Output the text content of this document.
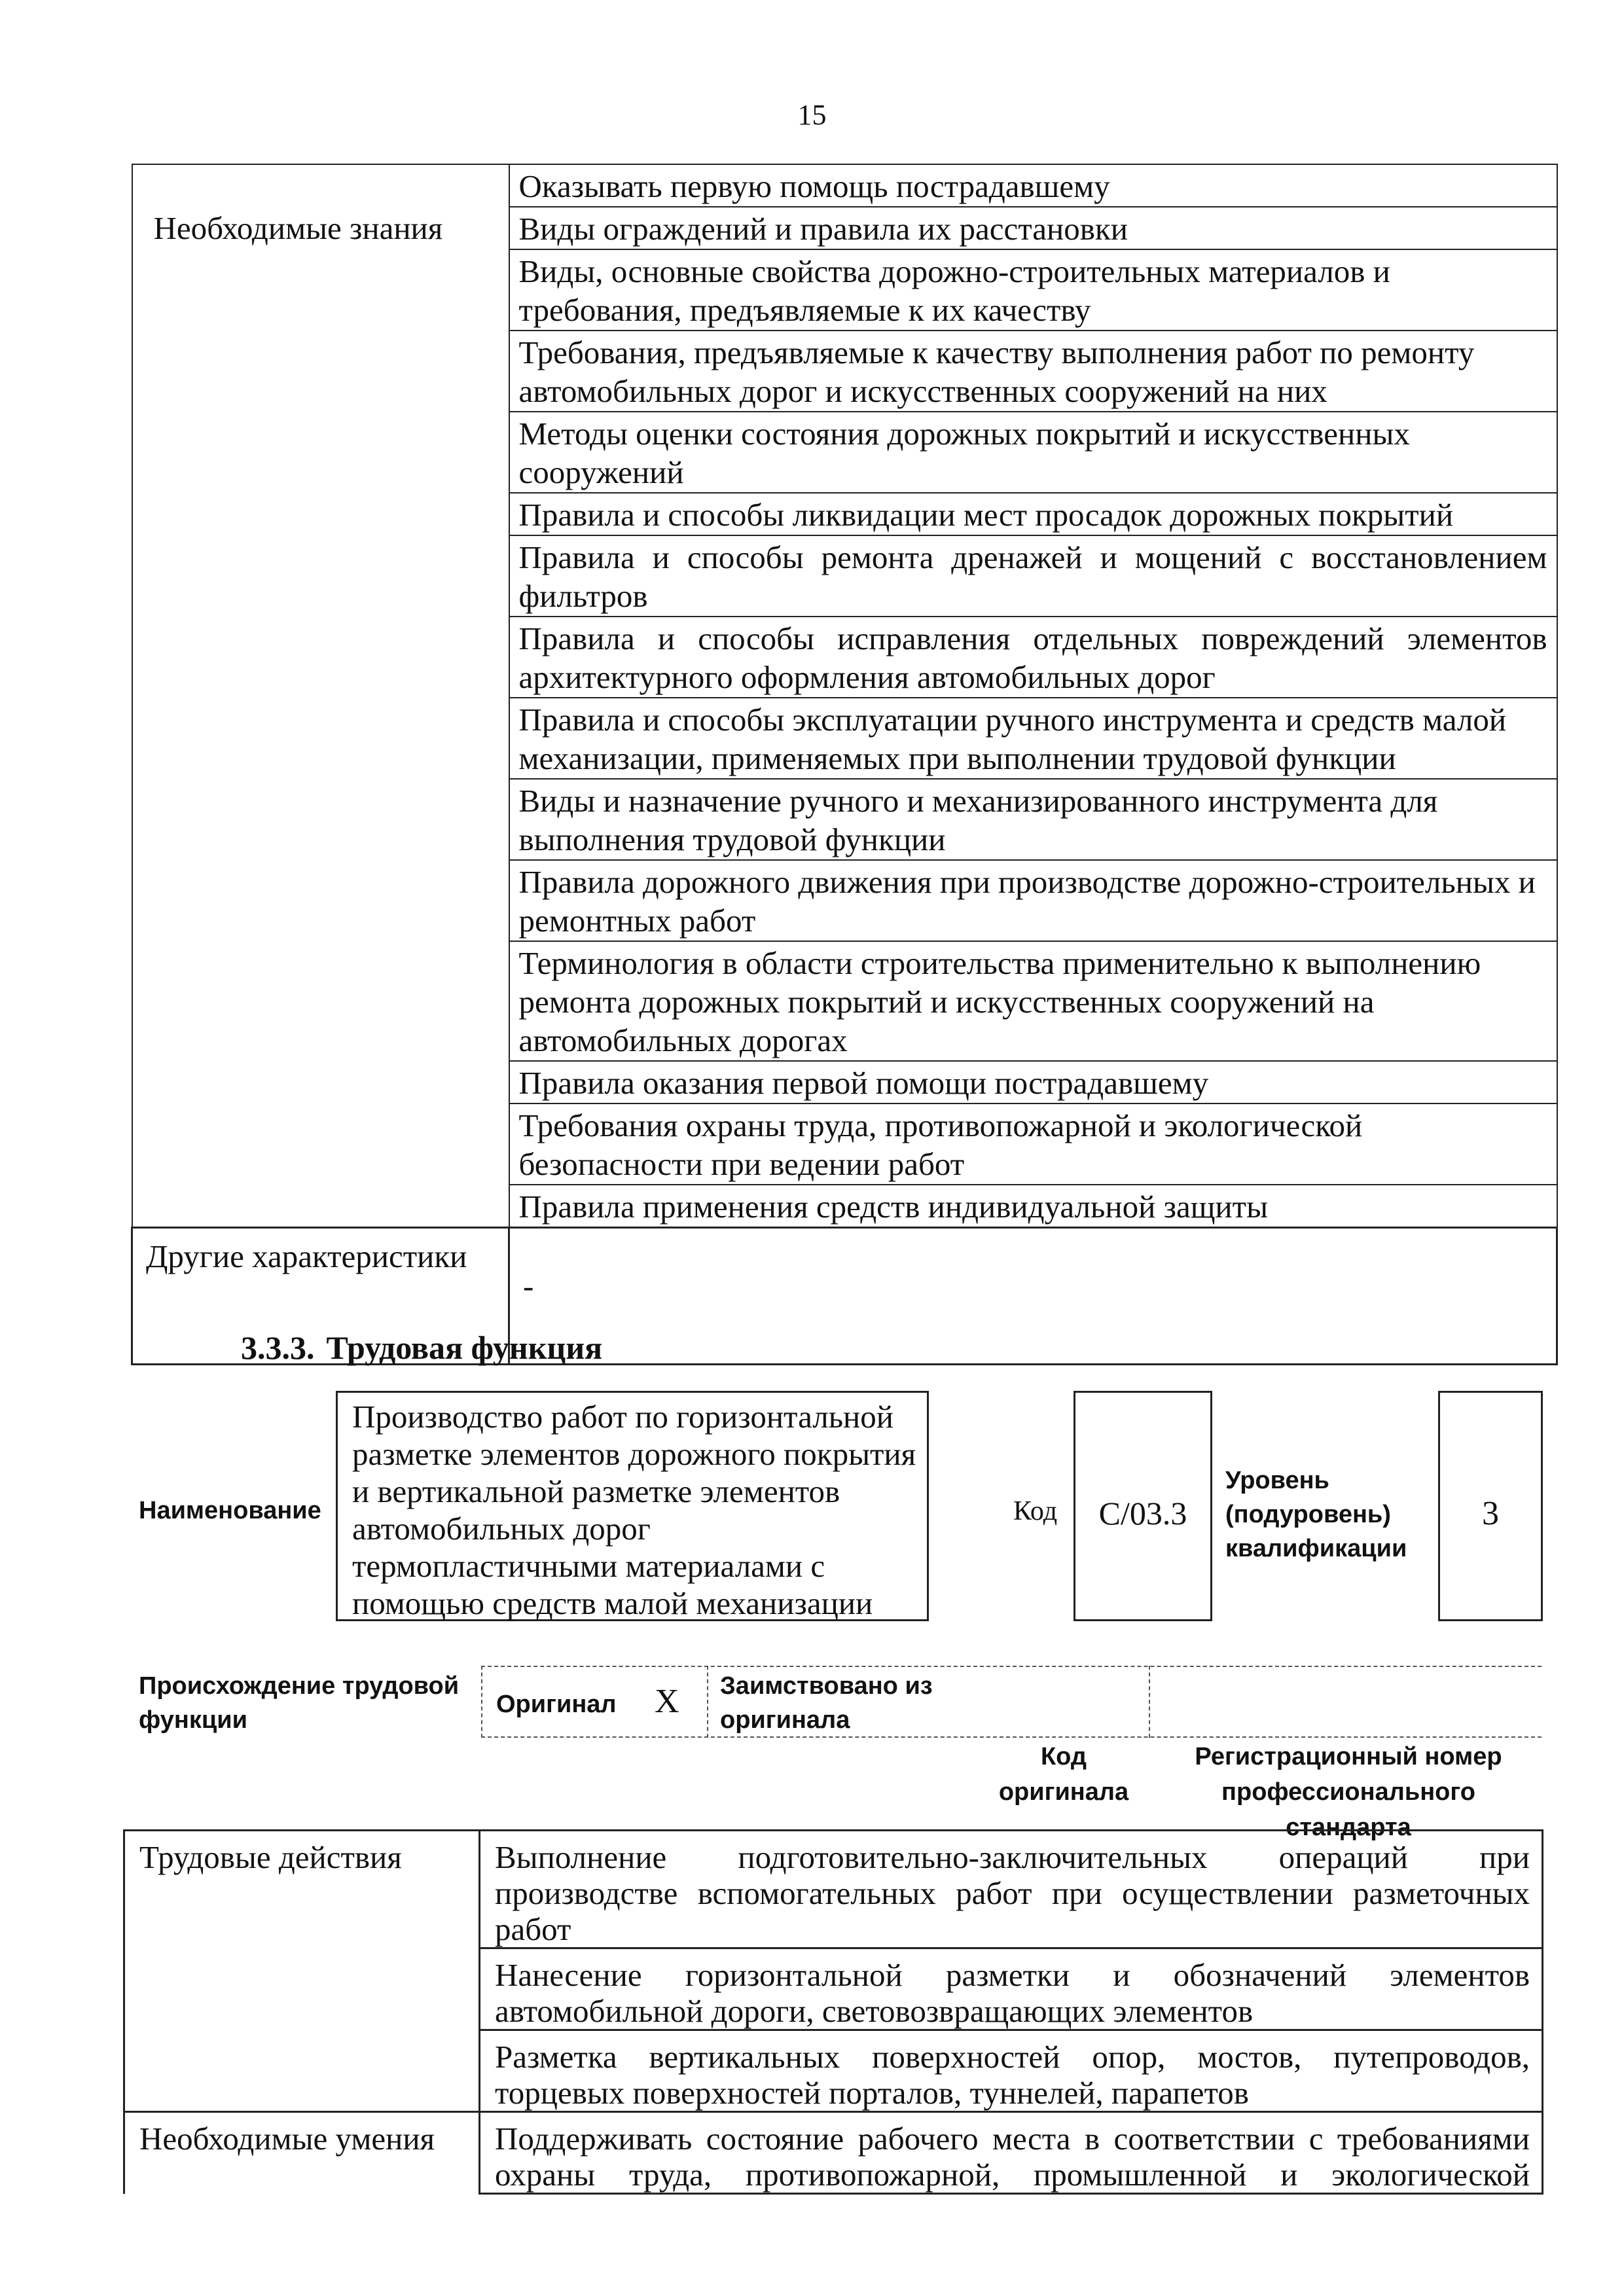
15
	Оказывать первую помощь пострадавшему
Необходимые знания	Виды ограждений и правила их расстановки
	Виды, основные свойства дорожно-строительных материалов и требования, предъявляемые к их качеству
	Требования, предъявляемые к качеству выполнения работ по ремонту автомобильных дорог и искусственных сооружений на них
	Методы оценки состояния дорожных покрытий и искусственных сооружений
	Правила и способы ликвидации мест просадок дорожных покрытий
	Правила и способы ремонта дренажей и мощений с восстановлением фильтров
	Правила и способы исправления отдельных повреждений элементов архитектурного оформления автомобильных дорог
	Правила и способы эксплуатации ручного инструмента и средств малой механизации, применяемых при выполнении трудовой функции
	Виды и назначение ручного и механизированного инструмента для выполнения трудовой функции
	Правила дорожного движения при производстве дорожно-строительных и ремонтных работ
	Терминология в области строительства применительно к выполнению ремонта дорожных покрытий и искусственных сооружений на автомобильных дорогах
	Правила оказания первой помощи пострадавшему
	Требования охраны труда, противопожарной и экологической безопасности при ведении работ
	Правила применения средств индивидуальной защиты
Другие характеристики	-
3.3.3. Трудовая функция
Наименование
Производство работ по горизонтальной разметке элементов дорожного покрытия и вертикальной разметке элементов автомобильных дорог термопластичными материалами с помощью средств малой механизации
Код	C/03.3
Уровень
(подуровень)
квалификации
3
Происхождение трудовой функции
Оригинал X Заимствовано из оригинала
Код оригинала
Регистрационный номер профессионального стандарта
Трудовые действия	Выполнение подготовительно-заключительных операций при производстве вспомогательных работ при осуществлении разметочных работ
	Нанесение горизонтальной разметки и обозначений элементов автомобильной дороги, световозвращающих элементов
	Разметка вертикальных поверхностей опор, мостов, путепроводов, торцевых поверхностей порталов, туннелей, парапетов
Необходимые умения	Поддерживать состояние рабочего места в соответствии с требованиями охраны труда, противопожарной, промышленной и экологической
